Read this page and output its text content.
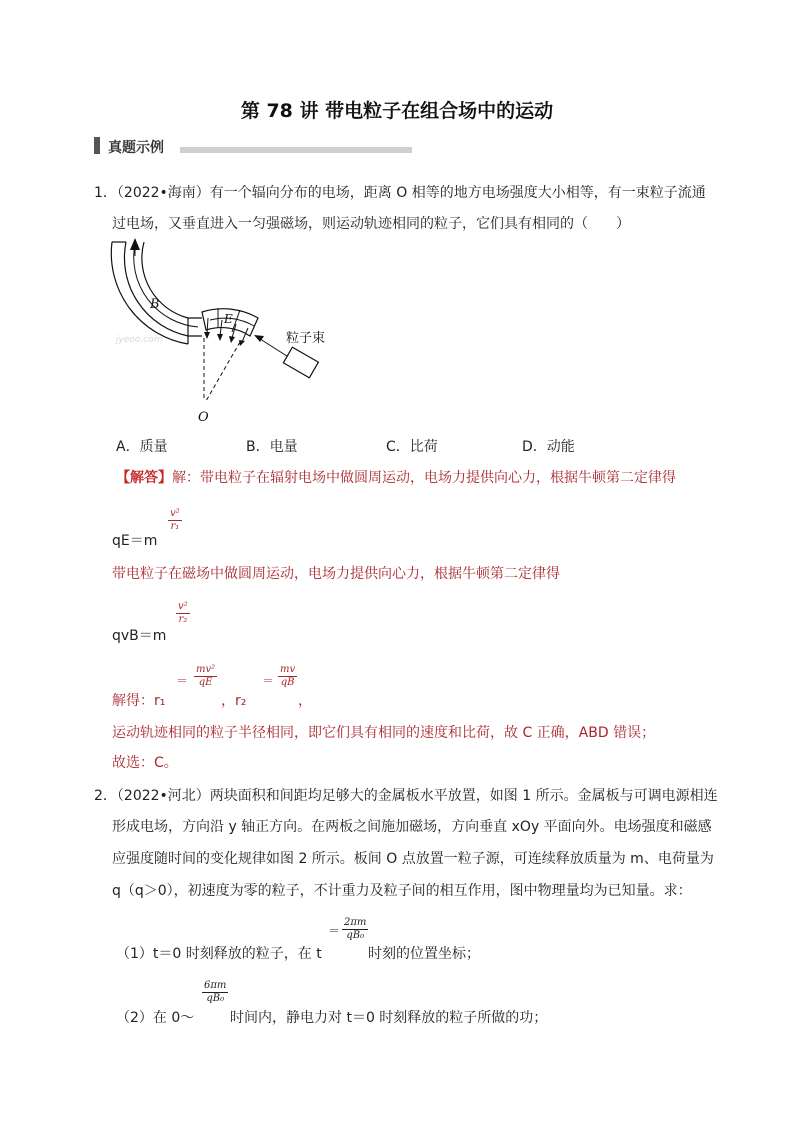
第 78 讲 带电粒子在组合场中的运动
真题示例
1．（2022•海南）有一个辐向分布的电场，距离 O 相等的地方电场强度大小相等，有一束粒子流通
过电场，又垂直进入一匀强磁场，则运动轨迹相同的粒子，它们具有相同的（　　）
B
E
O
粒子束
jyeoo.com
A．质量	B．电量	C．比荷	D．动能
【解答】解：带电粒子在辐射电场中做圆周运动，电场力提供向心力，根据牛顿第二定律得
qE＝m
v²
r₁
带电粒子在磁场中做圆周运动，电场力提供向心力，根据牛顿第二定律得
qvB＝m
v²
r₂
解得：r₁
＝
mv²
qE
，r₂
＝
mv
qB
，
运动轨迹相同的粒子半径相同，即它们具有相同的速度和比荷，故 C 正确，ABD 错误；
故选：C。
2．（2022•河北）两块面积和间距均足够大的金属板水平放置，如图 1 所示。金属板与可调电源相连
形成电场，方向沿 y 轴正方向。在两板之间施加磁场，方向垂直 xOy 平面向外。电场强度和磁感
应强度随时间的变化规律如图 2 所示。板间 O 点放置一粒子源，可连续释放质量为 m、电荷量为
q（q＞0），初速度为零的粒子，不计重力及粒子间的相互作用，图中物理量均为已知量。求：
（1）t＝0 时刻释放的粒子，在 t
＝
2πm
qB₀
时刻的位置坐标；
（2）在 0～
6πm
qB₀
时间内，静电力对 t＝0 时刻释放的粒子所做的功；
